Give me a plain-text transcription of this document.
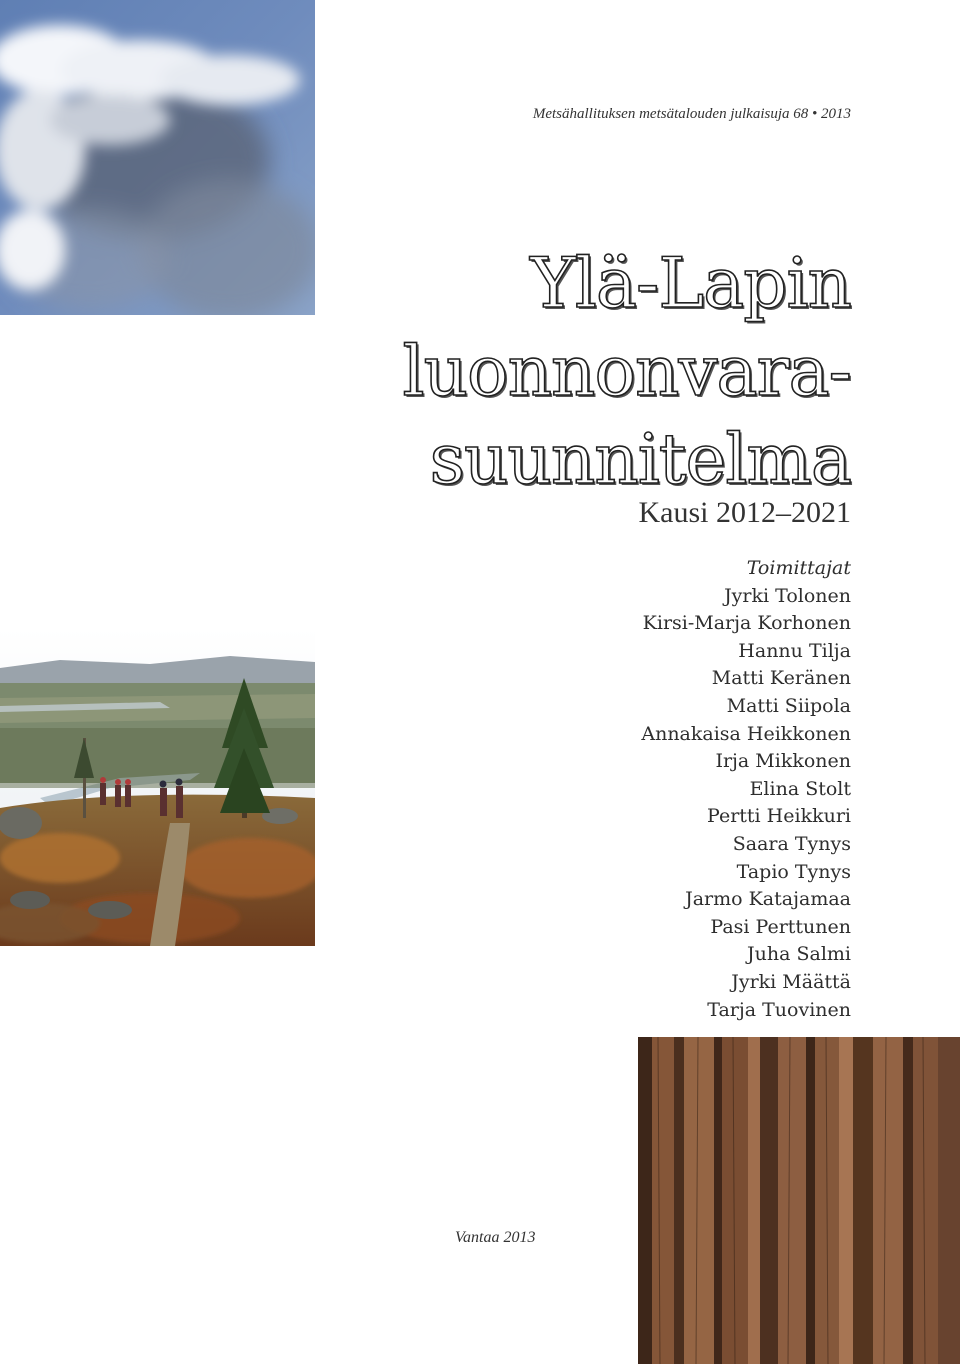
Metsähallituksen metsätalouden julkaisuja 68 • 2013
Ylä-Lapin
luonnonvara-
suunnitelma
Kausi 2012–2021
Toimittajat
Jyrki Tolonen
Kirsi-Marja Korhonen
Hannu Tilja
Matti Keränen
Matti Siipola
Annakaisa Heikkonen
Irja Mikkonen
Elina Stolt
Pertti Heikkuri
Saara Tynys
Tapio Tynys
Jarmo Katajamaa
Pasi Perttunen
Juha Salmi
Jyrki Määttä
Tarja Tuovinen
Vantaa 2013
